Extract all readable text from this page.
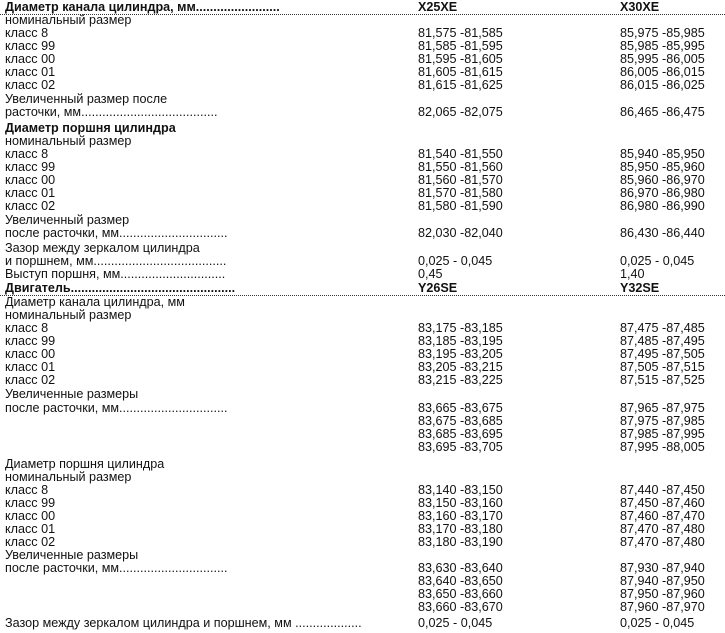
Диаметр канала цилиндра, мм........................	X25XE	X30XE
номинальный размер
класс 8	81,575 -81,585	85,975 -85,985
класс 99	81,585 -81,595	85,985 -85,995
класс 00	81,595 -81,605	85,995 -86,005
класс 01	81,605 -81,615	86,005 -86,015
класс 02	81,615 -81,625	86,015 -86,025
Увеличенный размер после
расточки, мм.......................................	82,065 -82,075	86,465 -86,475
Диаметр поршня цилиндра
номинальный размер
класс 8	81,540 -81,550	85,940 -85,950
класс 99	81,550 -81,560	85,950 -85,960
класс 00	81,560 -81,570	85,960 -86,970
класс 01	81,570 -81,580	86,970 -86,980
класс 02	81,580 -81,590	86,980 -86,990
Увеличенный размер
после расточки, мм...............................	82,030 -82,040	86,430 -86,440
Зазор между зеркалом цилиндра
и поршнем, мм......................................	0,025 - 0,045	0,025 - 0,045
Выступ поршня, мм..............................	0,45	1,40
Двигатель...............................................	Y26SE	Y32SE
Диаметр канала цилиндра, мм
номинальный размер
класс 8	83,175 -83,185	87,475 -87,485
класс 99	83,185 -83,195	87,485 -87,495
класс 00	83,195 -83,205	87,495 -87,505
класс 01	83,205 -83,215	87,505 -87,515
класс 02	83,215 -83,225	87,515 -87,525
Увеличенные размеры
после расточки, мм...............................	83,665 -83,675	87,965 -87,975
83,675 -83,685	87,975 -87,985
83,685 -83,695	87,985 -87,995
83,695 -83,705	87,995 -88,005
Диаметр поршня цилиндра
номинальный размер
класс 8	83,140 -83,150	87,440 -87,450
класс 99	83,150 -83,160	87,450 -87,460
класс 00	83,160 -83,170	87,460 -87,470
класс 01	83,170 -83,180	87,470 -87,480
класс 02	83,180 -83,190	87,470 -87,480
Увеличенные размеры
после расточки, мм...............................	83,630 -83,640	87,930 -87,940
83,640 -83,650	87,940 -87,950
83,650 -83,660	87,950 -87,960
83,660 -83,670	87,960 -87,970
Зазор между зеркалом цилиндра и поршнем, мм ...................	0,025 - 0,045	0,025 - 0,045
